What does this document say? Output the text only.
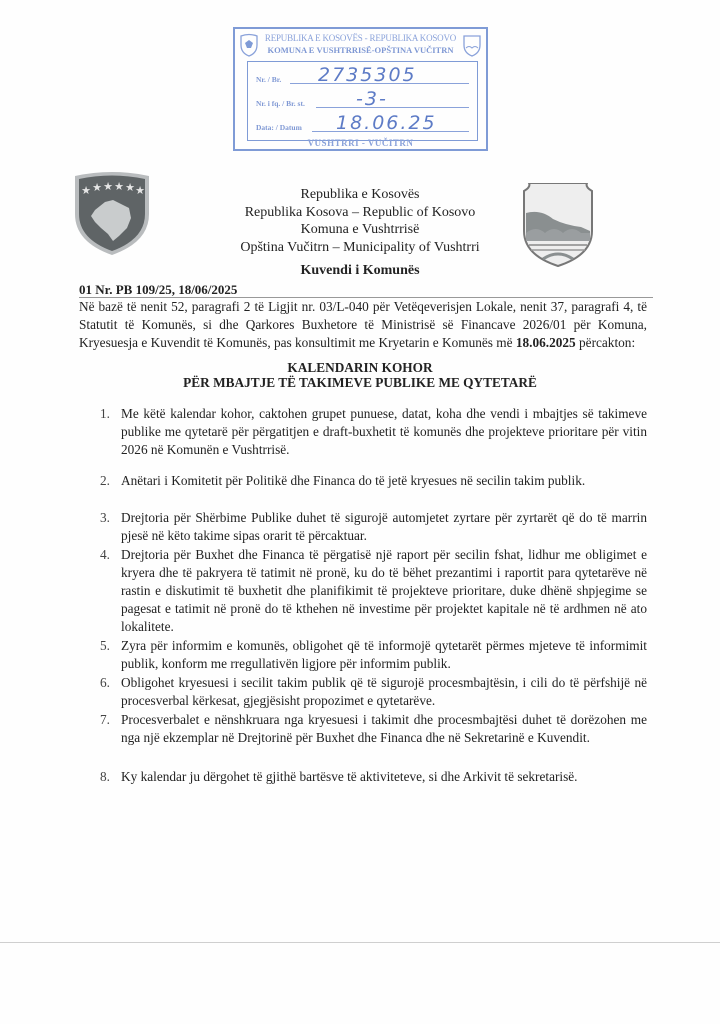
REPUBLIKA E KOSOVËS - REPUBLIKA KOSOVO
KOMUNA E VUSHTRRISË-OPŠTINA VUČITRN
Nr. / Br. 2735305
Nr. i fq. / Br. st.	-3-
Data: / Datum 18.06.25
VUSHTRRI - VUČITRN
★ ★ ★ ★ ★ ★	Republika e Kosovës
Republika Kosova – Republic of Kosovo
Komuna e Vushtrrisë
Opština Vučitrn – Municipality of Vushtrri
Kuvendi i Komunës
01 Nr. PB 109/25, 18/06/2025
Në bazë të nenit 52, paragrafi 2 të Ligjit nr. 03/L-040 për Vetëqeverisjen Lokale, nenit 37, paragrafi 4, të Statutit të Komunës, si dhe Qarkores Buxhetore të Ministrisë së Financave 2026/01 për Komuna, Kryesuesja e Kuvendit të Komunës, pas konsultimit me Kryetarin e Komunës më 18.06.2025 përcakton:
KALENDARIN KOHOR
PËR MBAJTJE TË TAKIMEVE PUBLIKE ME QYTETARË
1. Me këtë kalendar kohor, caktohen grupet punuese, datat, koha dhe vendi i mbajtjes së takimeve publike me qytetarë për përgatitjen e draft-buxhetit të komunës dhe projekteve prioritare për vitin 2026 në Komunën e Vushtrrisë.
2. Anëtari i Komitetit për Politikë dhe Financa do të jetë kryesues në secilin takim publik.
3. Drejtoria për Shërbime Publike duhet të sigurojë automjetet zyrtare për zyrtarët që do të marrin pjesë në këto takime sipas orarit të përcaktuar.
4. Drejtoria për Buxhet dhe Financa të përgatisë një raport për secilin fshat, lidhur me obligimet e kryera dhe të pakryera të tatimit në pronë, ku do të bëhet prezantimi i raportit para qytetarëve në rastin e diskutimit të buxhetit dhe planifikimit të projekteve prioritare, duke dhënë shpjegime se pagesat e tatimit në pronë do të kthehen në investime për projektet kapitale në të ardhmen në ato lokalitete.
5. Zyra për informim e komunës, obligohet që të informojë qytetarët përmes mjeteve të informimit publik, konform me rregullativën ligjore për informim publik.
6. Obligohet kryesuesi i secilit takim publik që të sigurojë procesmbajtësin, i cili do të përfshijë në procesverbal kërkesat, gjegjësisht propozimet e qytetarëve.
7. Procesverbalet e nënshkruara nga kryesuesi i takimit dhe procesmbajtësi duhet të dorëzohen me nga një ekzemplar në Drejtorinë për Buxhet dhe Financa dhe në Sekretarinë e Kuvendit.
8. Ky kalendar ju dërgohet të gjithë bartësve të aktiviteteve, si dhe Arkivit të sekretarisë.
